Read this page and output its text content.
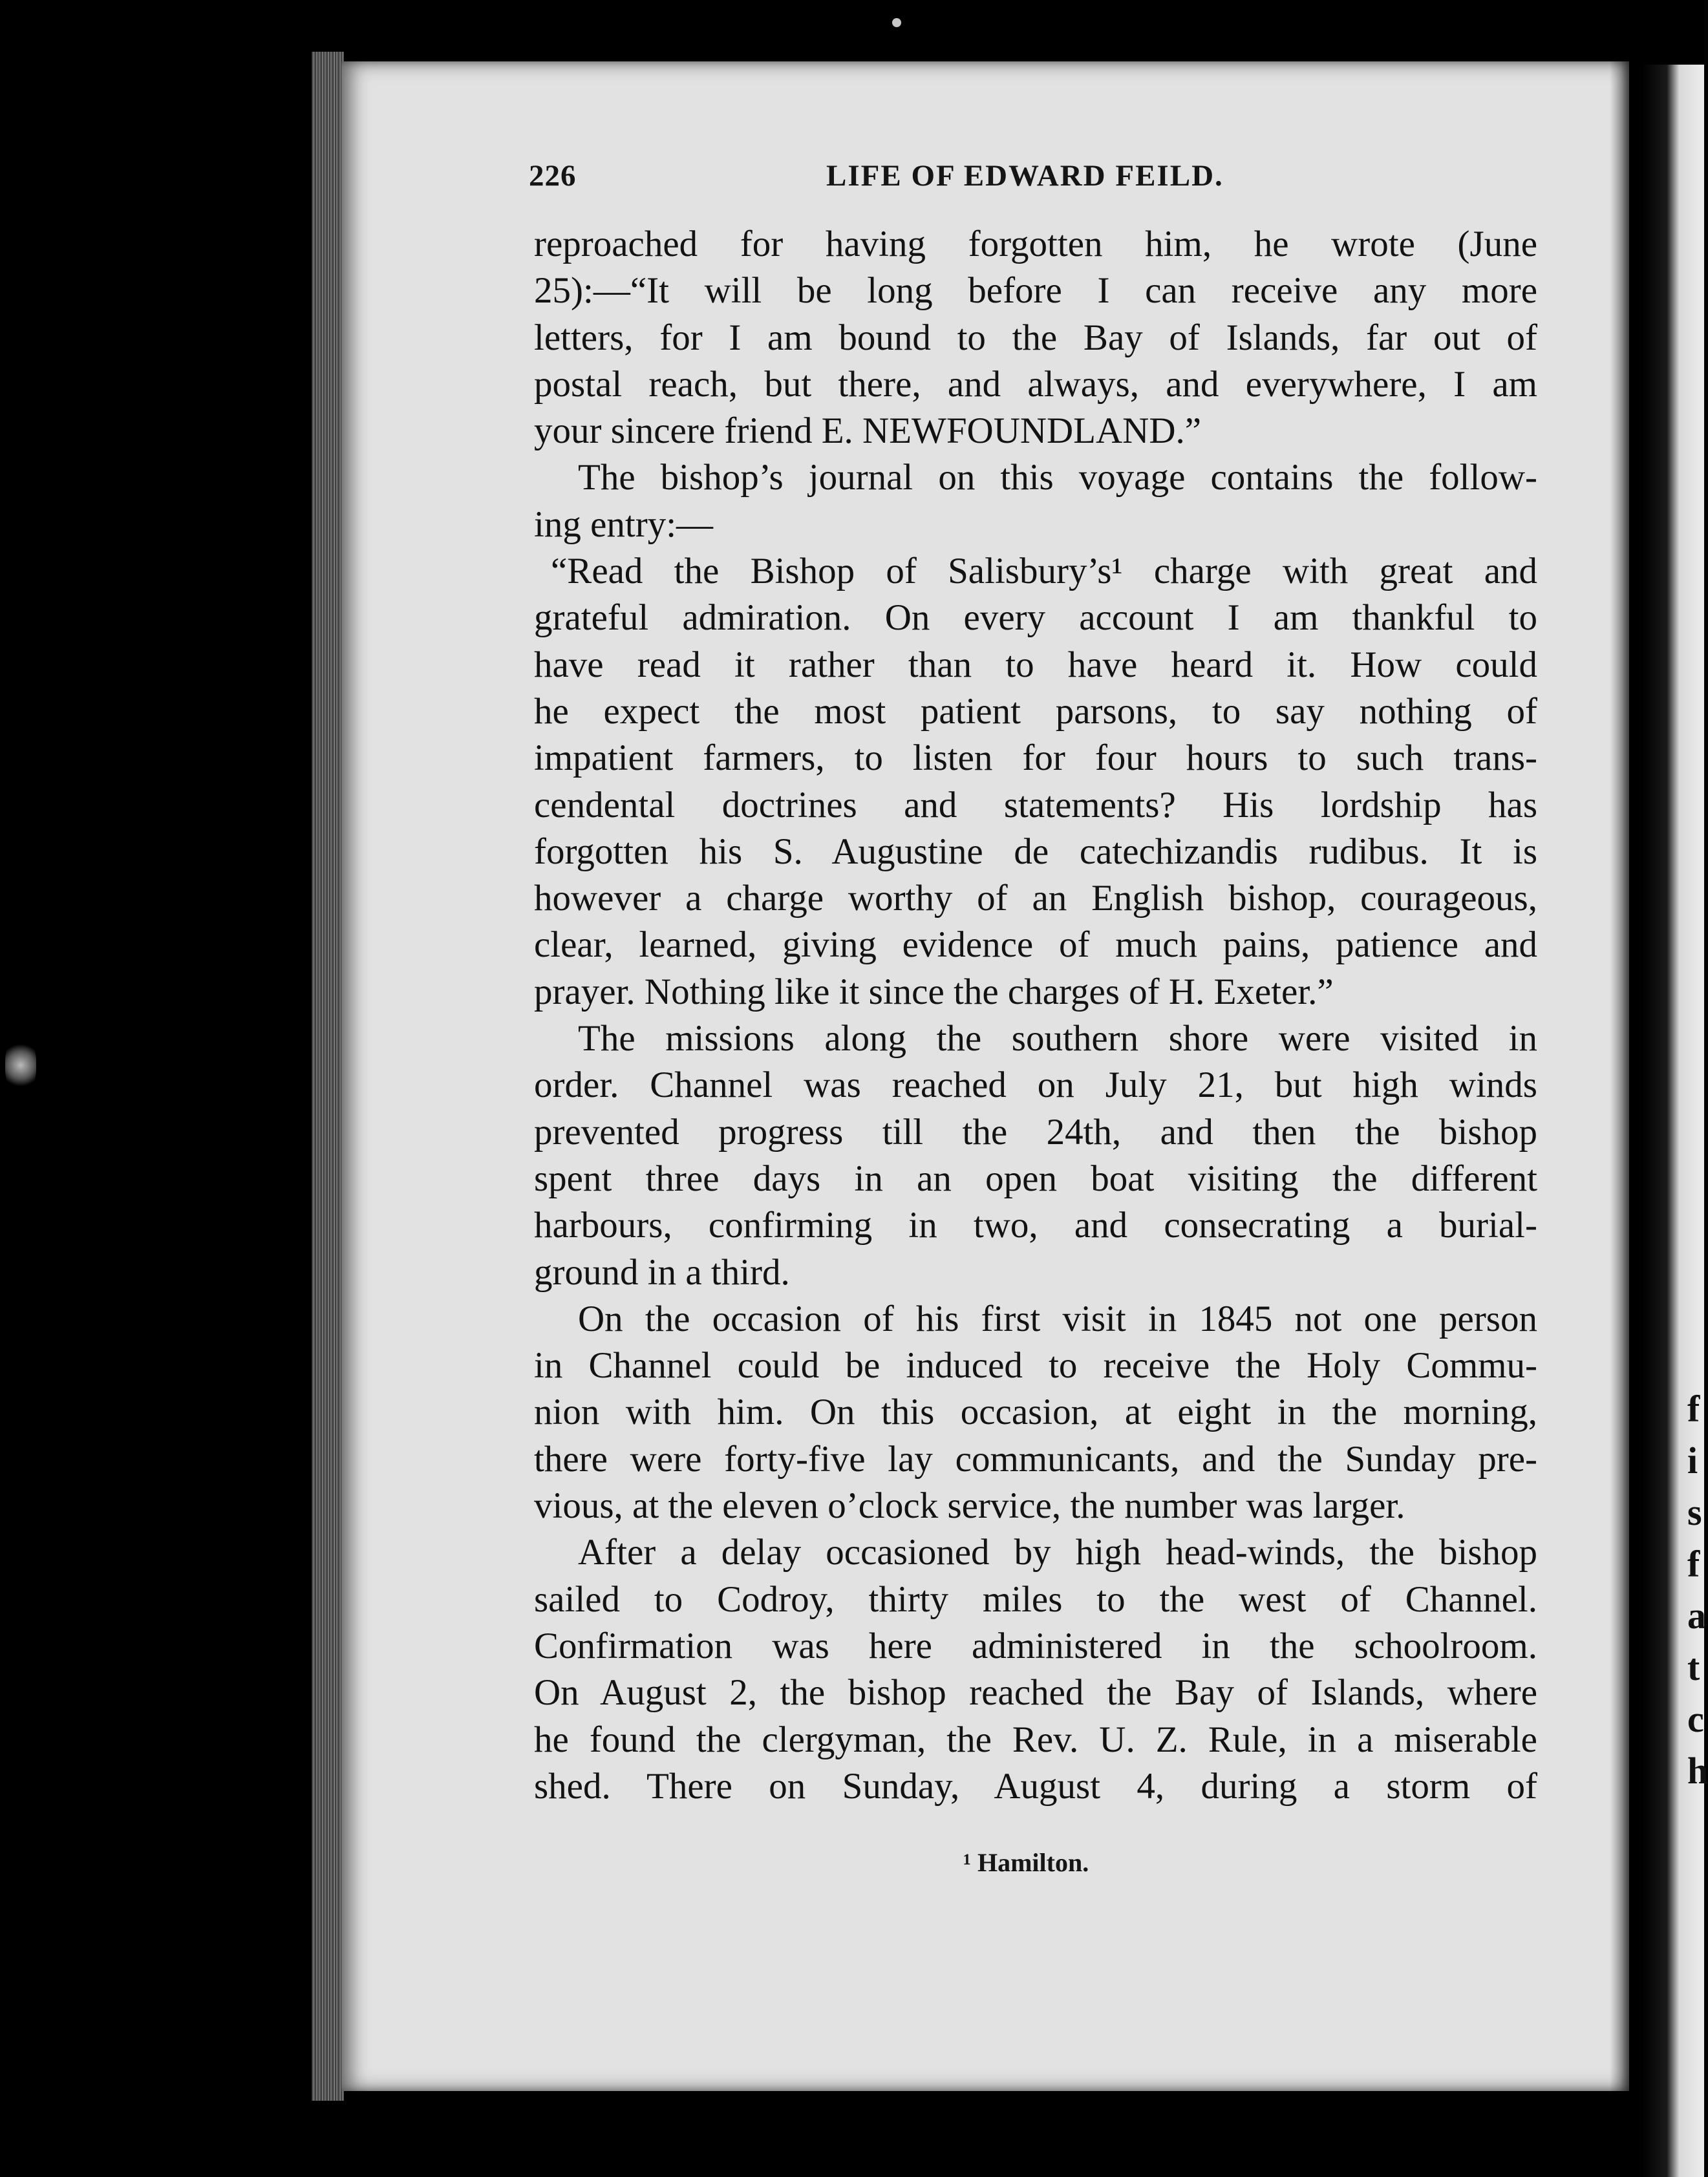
f
i
s
f
a
t
c
h
226	LIFE OF EDWARD FEILD.
reproached for having forgotten him, he wrote (June
25):—“It will be long before I can receive any more
letters, for I am bound to the Bay of Islands, far out of
postal reach, but there, and always, and everywhere, I am
your sincere friend E. NEWFOUNDLAND.”
The bishop’s journal on this voyage contains the follow-
ing entry:—
“Read the Bishop of Salisbury’s¹ charge with great and
grateful admiration. On every account I am thankful to
have read it rather than to have heard it. How could
he expect the most patient parsons, to say nothing of
impatient farmers, to listen for four hours to such trans-
cendental doctrines and statements? His lordship has
forgotten his S. Augustine de catechizandis rudibus. It is
however a charge worthy of an English bishop, courageous,
clear, learned, giving evidence of much pains, patience and
prayer. Nothing like it since the charges of H. Exeter.”
The missions along the southern shore were visited in
order. Channel was reached on July 21, but high winds
prevented progress till the 24th, and then the bishop
spent three days in an open boat visiting the different
harbours, confirming in two, and consecrating a burial-
ground in a third.
On the occasion of his first visit in 1845 not one person
in Channel could be induced to receive the Holy Commu-
nion with him. On this occasion, at eight in the morning,
there were forty-five lay communicants, and the Sunday pre-
vious, at the eleven o’clock service, the number was larger.
After a delay occasioned by high head-winds, the bishop
sailed to Codroy, thirty miles to the west of Channel.
Confirmation was here administered in the schoolroom.
On August 2, the bishop reached the Bay of Islands, where
he found the clergyman, the Rev. U. Z. Rule, in a miserable
shed. There on Sunday, August 4, during a storm of
¹ Hamilton.
